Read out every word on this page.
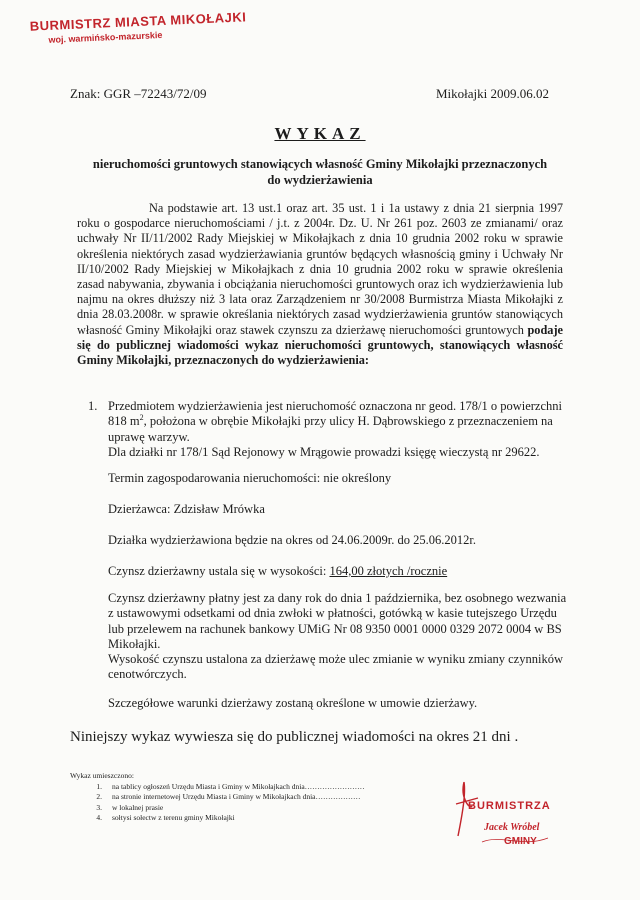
BURMISTRZ MIASTA MIKOŁAJKI
woj. warmińsko-mazurskie
Znak: GGR –72243/72/09	Mikołajki 2009.06.02
WYKAZ
nieruchomości gruntowych stanowiących własność Gminy Mikołajki przeznaczonych
do wydzierżawienia
Na podstawie art. 13 ust.1 oraz art. 35 ust. 1 i 1a ustawy z dnia 21 sierpnia 1997 roku o gospodarce nieruchomościami / j.t. z 2004r. Dz. U. Nr 261 poz. 2603 ze zmianami/ oraz uchwały Nr II/11/2002 Rady Miejskiej w Mikołajkach z dnia 10 grudnia 2002 roku w sprawie określenia niektórych zasad wydzierżawiania gruntów będących własnością gminy i Uchwały Nr II/10/2002 Rady Miejskiej w Mikołajkach z dnia 10 grudnia 2002 roku w sprawie określenia zasad nabywania, zbywania i obciążania nieruchomości gruntowych oraz ich wydzierżawienia lub najmu na okres dłuższy niż 3 lata oraz Zarządzeniem nr 30/2008 Burmistrza Miasta Mikołajki z dnia 28.03.2008r. w sprawie określania niektórych zasad wydzierżawienia gruntów stanowiących własność Gminy Mikołajki oraz stawek czynszu za dzierżawę nieruchomości gruntowych podaje się do publicznej wiadomości wykaz nieruchomości gruntowych, stanowiących własność Gminy Mikołajki, przeznaczonych do wydzierżawienia:
1. Przedmiotem wydzierżawienia jest nieruchomość oznaczona nr geod. 178/1 o powierzchni 818 $m^2$, położona w obrębie Mikołajki przy ulicy H. Dąbrowskiego z przeznaczeniem na uprawę warzyw.

Dla działki nr 178/1 Sąd Rejonowy w Mrągowie prowadzi księgę wieczystą nr 29622.

Termin zagospodarowania nieruchomości: nie określony
Dzierżawca: Zdzisław Mrówka
Działka wydzierżawiona będzie na okres od 24.06.2009r. do 25.06.2012r.
Czynsz dzierżawny ustala się w wysokości: 164,00 złotych /rocznie
Czynsz dzierżawny płatny jest za dany rok do dnia 1 października, bez osobnego wezwania z ustawowymi odsetkami od dnia zwłoki w płatności, gotówką w kasie tutejszego Urzędu lub przelewem na rachunek bankowy UMiG Nr 08 9350 0001 0000 0329 2072 0004 w BS Mikołajki.
Wysokość czynszu ustalona za dzierżawę może ulec zmianie w wyniku zmiany czynników cenotwórczych.
Szczegółowe warunki dzierżawy zostaną określone w umowie dzierżawy.
Niniejszy wykaz wywiesza się do publicznej wiadomości na okres 21 dni .
Wykaz umieszczono:
1. na tablicy ogłoszeń Urzędu Miasta i Gminy w Mikołajkach dnia……………………
2. na stronie internetowej Urzędu Miasta i Gminy w Mikołajkach dnia………………
3. w lokalnej prasie
4. sołtysi sołectw z terenu gminy Mikołajki
BURMISTRZA
Jacek Wróbel
GMINY
